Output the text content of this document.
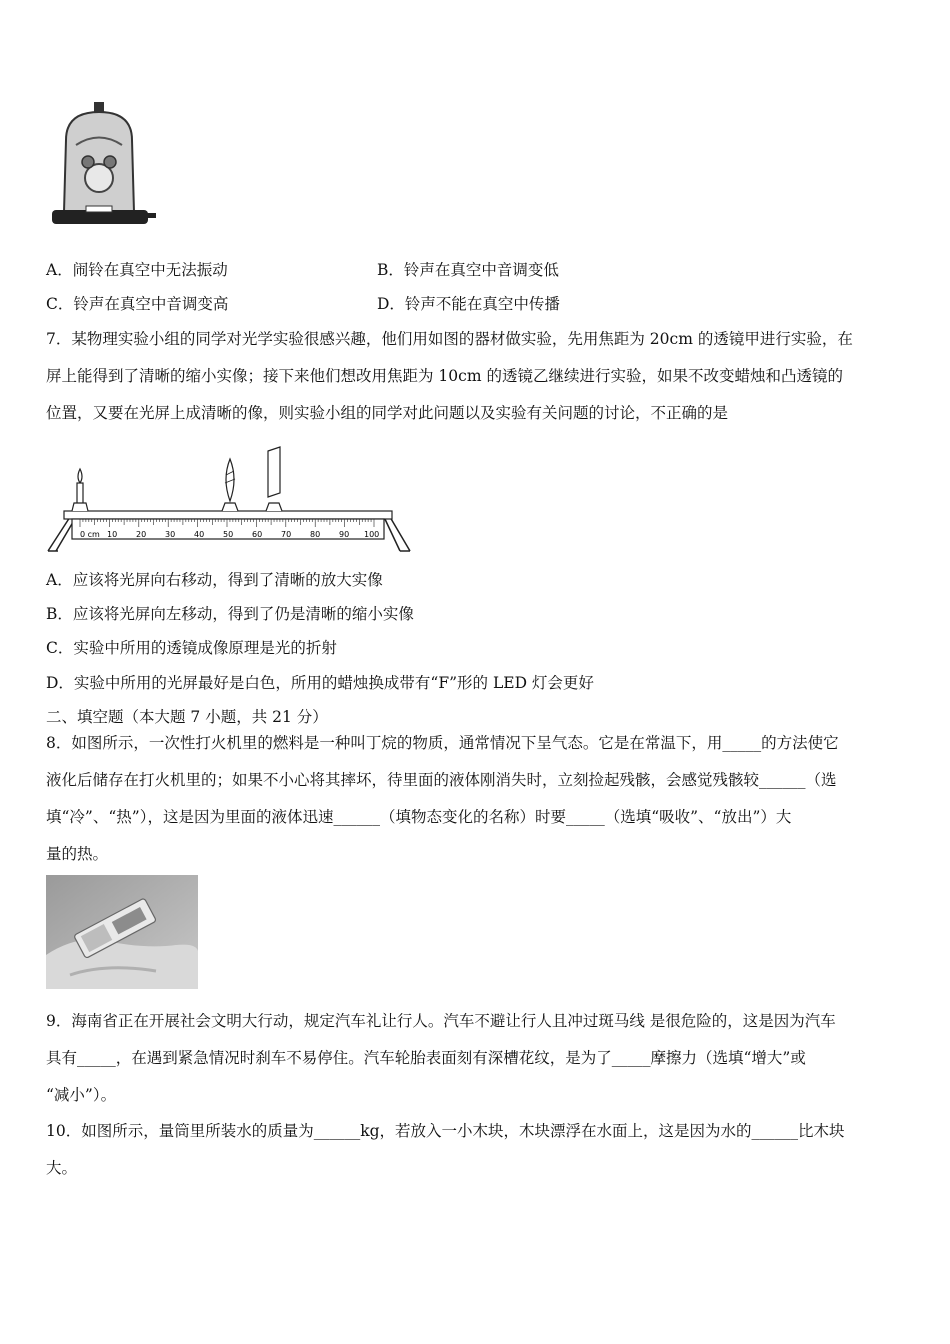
A．闹铃在真空中无法振动	B．铃声在真空中音调变低
C．铃声在真空中音调变高	D．铃声不能在真空中传播
7．某物理实验小组的同学对光学实验很感兴趣，他们用如图的器材做实验，先用焦距为 20cm 的透镜甲进行实验，在
屏上能得到了清晰的缩小实像；接下来他们想改用焦距为 10cm 的透镜乙继续进行实验，如果不改变蜡烛和凸透镜的
位置，又要在光屏上成清晰的像，则实验小组的同学对此问题以及实验有关问题的讨论，不正确的是
0 cm 10 20 30 40 50 60 70 80 90 100
A．应该将光屏向右移动，得到了清晰的放大实像
B．应该将光屏向左移动，得到了仍是清晰的缩小实像
C．实验中所用的透镜成像原理是光的折射
D．实验中所用的光屏最好是白色，所用的蜡烛换成带有“F”形的 LED 灯会更好
二、填空题（本大题 7 小题，共 21 分）
8．如图所示，一次性打火机里的燃料是一种叫丁烷的物质，通常情况下呈气态。它是在常温下，用_____的方法使它
液化后储存在打火机里的；如果不小心将其摔坏，待里面的液体刚消失时，立刻捡起残骸，会感觉残骸较______（选
填“冷”、“热”），这是因为里面的液体迅速______（填物态变化的名称）时要_____（选填“吸收”、“放出”）大
量的热。
9．海南省正在开展社会文明大行动，规定汽车礼让行人。汽车不避让行人且冲过斑马线 是很危险的，这是因为汽车
具有_____，在遇到紧急情况时刹车不易停住。汽车轮胎表面刻有深槽花纹，是为了_____摩擦力（选填“增大”或
“减小”）。
10．如图所示，量筒里所装水的质量为______kg，若放入一小木块，木块漂浮在水面上，这是因为水的______比木块
大。
